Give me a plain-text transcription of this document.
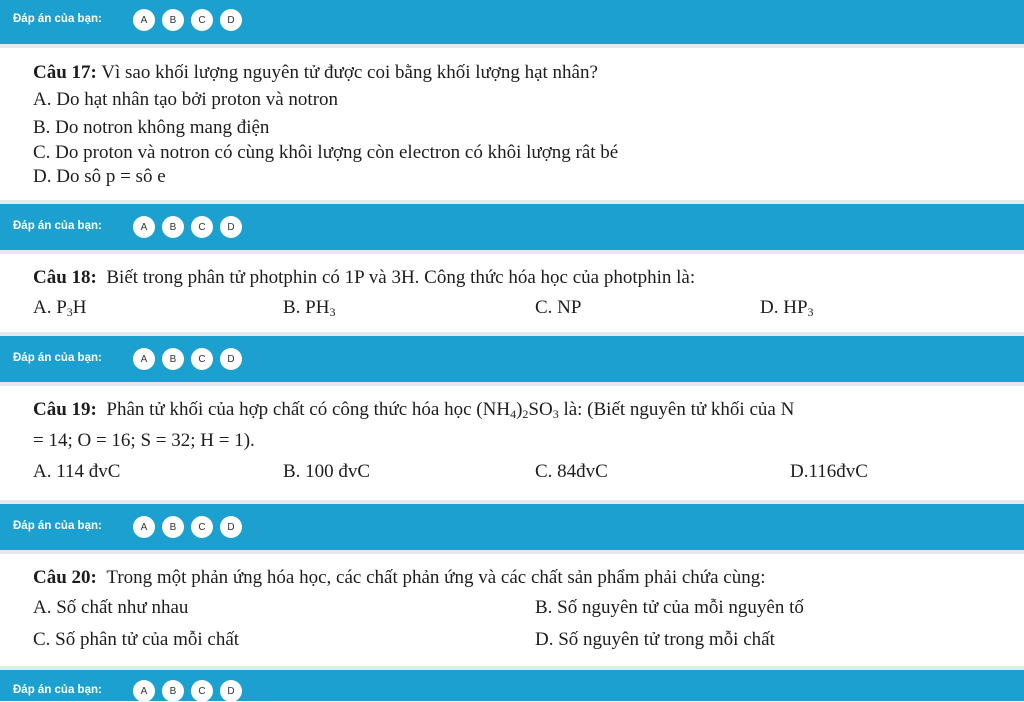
Đáp án của bạn:	A	B	C	D
Câu 17: Vì sao khối lượng nguyên tử được coi bằng khối lượng hạt nhân?
A. Do hạt nhân tạo bởi proton và notron
B. Do notron không mang điện
C. Do proton và notron có cùng khôi lượng còn electron có khôi lượng rât bé
D. Do sô p = sô e
Đáp án của bạn:	A	B	C	D
Câu 18: Biết trong phân tử photphin có 1P và 3H. Công thức hóa học của photphin là:
A. $P_3H$	B. $PH_3$	C. NP	D. $HP_3$
Đáp án của bạn:	A	B	C	D
Câu 19: Phân tử khối của hợp chất có công thức hóa học $(NH_4)_2SO_3$ là: (Biết nguyên tử khối của N
= 14; O = 16; S = 32; H = 1).
A. 114 đvC	B. 100 đvC	C. 84đvC	D.116đvC
Đáp án của bạn:	A	B	C	D
Câu 20: Trong một phản ứng hóa học, các chất phản ứng và các chất sản phẩm phải chứa cùng:
A. Số chất như nhau	B. Số nguyên tử của mỗi nguyên tố
C. Số phân tử của mỗi chất	D. Số nguyên tử trong mỗi chất
Đáp án của bạn:	A	B	C	D
